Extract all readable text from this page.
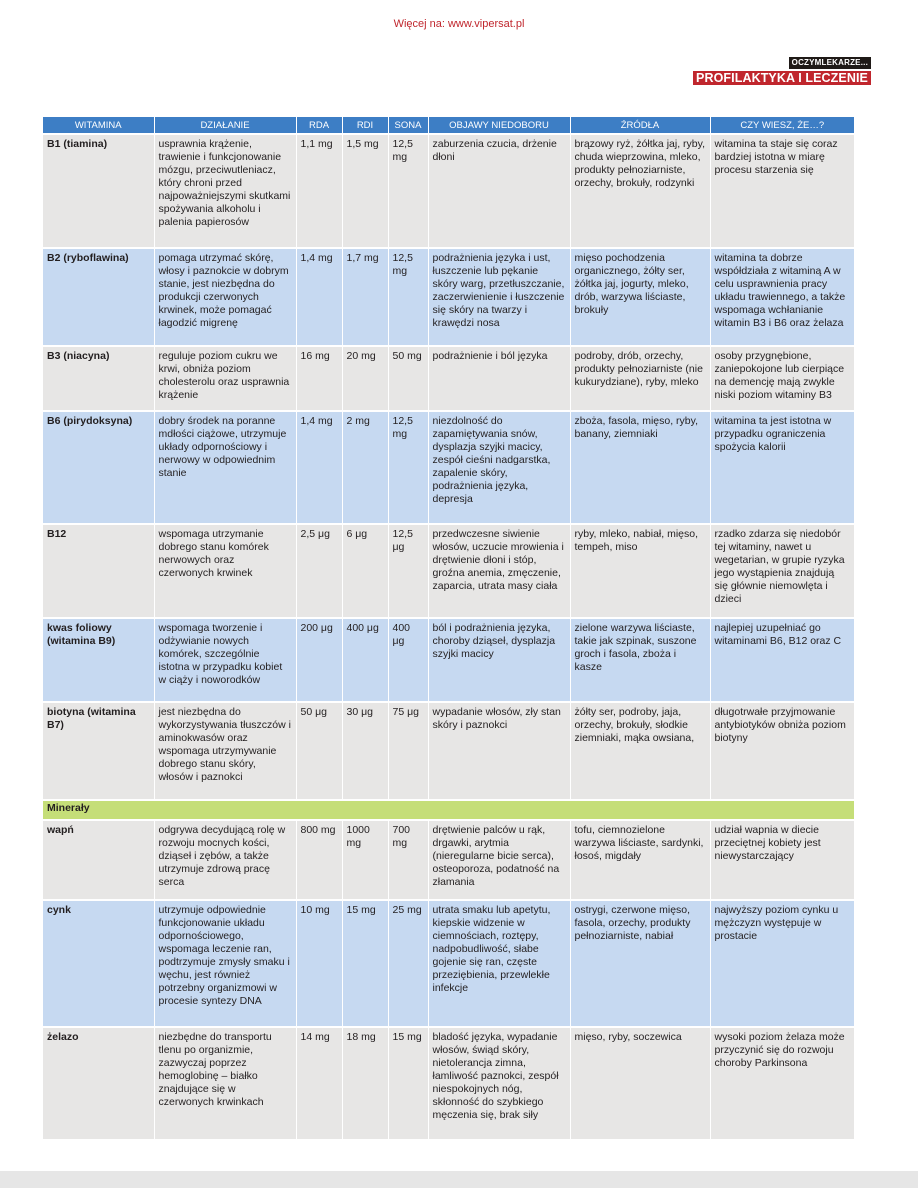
Więcej na: www.vipersat.pl
OCZYMLEKARZE...
PROFILAKTYKA I LECZENIE
WITAMINA	DZIAŁANIE	RDA	RDI	SONA	OBJAWY NIEDOBORU	ŹRÓDŁA	CZY WIESZ, ŻE…?
B1 (tiamina)	usprawnia krążenie, trawienie i funkcjonowanie mózgu, przeciwutleniacz, który chroni przed najpoważniejszymi skutkami spożywania alkoholu i palenia papierosów	1,1 mg	1,5 mg	12,5 mg	zaburzenia czucia, drżenie dłoni	brązowy ryż, żółtka jaj, ryby, chuda wieprzowina, mleko, produkty pełnoziarniste, orzechy, brokuły, rodzynki	witamina ta staje się coraz bardziej istotna w miarę procesu starzenia się
B2 (ryboflawina)	pomaga utrzymać skórę, włosy i paznokcie w dobrym stanie, jest niezbędna do produkcji czerwonych krwinek, może pomagać łagodzić migrenę	1,4 mg	1,7 mg	12,5 mg	podrażnienia języka i ust, łuszczenie lub pękanie skóry warg, przetłuszczanie, zaczerwienienie i łuszczenie się skóry na twarzy i krawędzi nosa	mięso pochodzenia organicznego, żółty ser, żółtka jaj, jogurty, mleko, drób, warzywa liściaste, brokuły	witamina ta dobrze współdziała z witaminą A w celu usprawnienia pracy układu trawiennego, a także wspomaga wchłanianie witamin B3 i B6 oraz żelaza
B3 (niacyna)	reguluje poziom cukru we krwi, obniża poziom cholesterolu oraz usprawnia krążenie	16 mg	20 mg	50 mg	podrażnienie i ból języka	podroby, drób, orzechy, produkty pełnoziarniste (nie kukurydziane), ryby, mleko	osoby przygnębione, zaniepokojone lub cierpiące na demencję mają zwykle niski poziom witaminy B3
B6 (pirydoksyna)	dobry środek na poranne mdłości ciążowe, utrzymuje układy odpornościowy i nerwowy w odpowiednim stanie	1,4 mg	2 mg	12,5 mg	niezdolność do zapamiętywania snów, dysplazja szyjki macicy, zespół cieśni nadgarstka, zapalenie skóry, podrażnienia języka, depresja	zboża, fasola, mięso, ryby, banany, ziemniaki	witamina ta jest istotna w przypadku ograniczenia spożycia kalorii
B12	wspomaga utrzymanie dobrego stanu komórek nerwowych oraz czerwonych krwinek	2,5 μg	6 μg	12,5 μg	przedwczesne siwienie włosów, uczucie mrowienia i drętwienie dłoni i stóp, groźna anemia, zmęczenie, zaparcia, utrata masy ciała	ryby, mleko, nabiał, mięso, tempeh, miso	rzadko zdarza się niedobór tej witaminy, nawet u wegetarian, w grupie ryzyka jego wystąpienia znajdują się głównie niemowlęta i dzieci
kwas foliowy (witamina B9)	wspomaga tworzenie i odżywianie nowych komórek, szczególnie istotna w przypadku kobiet w ciąży i noworodków	200 μg	400 μg	400 μg	ból i podrażnienia języka, choroby dziąseł, dysplazja szyjki macicy	zielone warzywa liściaste, takie jak szpinak, suszone groch i fasola, zboża i kasze	najlepiej uzupełniać go witaminami B6, B12 oraz C
biotyna (witamina B7)	jest niezbędna do wykorzystywania tłuszczów i aminokwasów oraz wspomaga utrzymywanie dobrego stanu skóry, włosów i paznokci	50 μg	30 μg	75 μg	wypadanie włosów, zły stan skóry i paznokci	żółty ser, podroby, jaja, orzechy, brokuły, słodkie ziemniaki, mąka owsiana,	długotrwałe przyjmowanie antybiotyków obniża poziom biotyny
Minerały							
wapń	odgrywa decydującą rolę w rozwoju mocnych kości, dziąseł i zębów, a także utrzymuje zdrową pracę serca	800 mg	1000 mg	700 mg	drętwienie palców u rąk, drgawki, arytmia (nieregularne bicie serca), osteoporoza, podatność na złamania	tofu, ciemnozielone warzywa liściaste, sardynki, łosoś, migdały	udział wapnia w diecie przeciętnej kobiety jest niewystarczający
cynk	utrzymuje odpowiednie funkcjonowanie układu odpornościowego, wspomaga leczenie ran, podtrzymuje zmysły smaku i węchu, jest również potrzebny organizmowi w procesie syntezy DNA	10 mg	15 mg	25 mg	utrata smaku lub apetytu, kiepskie widzenie w ciemnościach, roztępy, nadpobudliwość, słabe gojenie się ran, częste przeziębienia, przewlekłe infekcje	ostrygi, czerwone mięso, fasola, orzechy, produkty pełnoziarniste, nabiał	najwyższy poziom cynku u mężczyzn występuje w prostacie
żelazo	niezbędne do transportu tlenu po organizmie, zazwyczaj poprzez hemoglobinę – białko znajdujące się w czerwonych krwinkach	14 mg	18 mg	15 mg	bladość języka, wypadanie włosów, świąd skóry, nietolerancja zimna, łamliwość paznokci, zespół niespokojnych nóg, skłonność do szybkiego męczenia się, brak siły	mięso, ryby, soczewica	wysoki poziom żelaza może przyczynić się do rozwoju choroby Parkinsona
